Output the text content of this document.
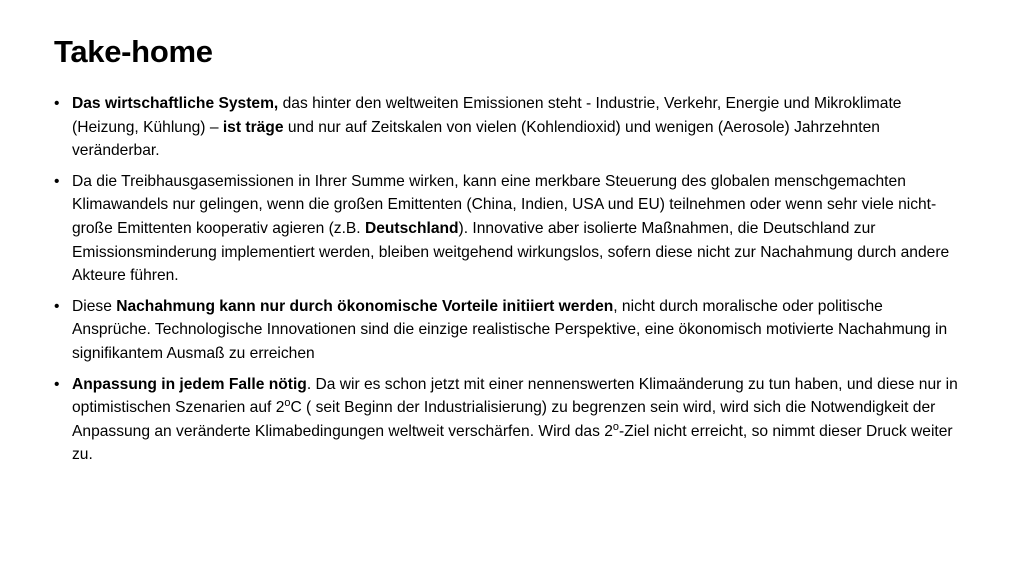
Take-home
• Das wirtschaftliche System, das hinter den weltweiten Emissionen steht - Industrie, Verkehr, Energie und Mikroklimate (Heizung, Kühlung) – ist träge und nur auf Zeitskalen von vielen (Kohlendioxid) und wenigen (Aerosole) Jahrzehnten veränderbar.
• Da die Treibhausgasemissionen in Ihrer Summe wirken, kann eine merkbare Steuerung des globalen menschgemachten Klimawandels nur gelingen, wenn die großen Emittenten (China, Indien, USA und EU) teilnehmen oder wenn sehr viele nicht-große Emittenten kooperativ agieren (z.B. Deutschland). Innovative aber isolierte Maßnahmen, die Deutschland zur Emissionsminderung implementiert werden, bleiben weitgehend wirkungslos, sofern diese nicht zur Nachahmung durch andere Akteure führen.
• Diese Nachahmung kann nur durch ökonomische Vorteile initiiert werden, nicht durch moralische oder politische Ansprüche. Technologische Innovationen sind die einzige realistische Perspektive, eine ökonomisch motivierte Nachahmung in signifikantem Ausmaß zu erreichen
• Anpassung in jedem Falle nötig. Da wir es schon jetzt mit einer nennenswerten Klimaänderung zu tun haben, und diese nur in optimistischen Szenarien auf 2$^o$C ( seit Beginn der Industrialisierung) zu begrenzen sein wird, wird sich die Notwendigkeit der Anpassung an veränderte Klimabedingungen weltweit verschärfen. Wird das 2$^o$-Ziel nicht erreicht, so nimmt dieser Druck weiter zu.
